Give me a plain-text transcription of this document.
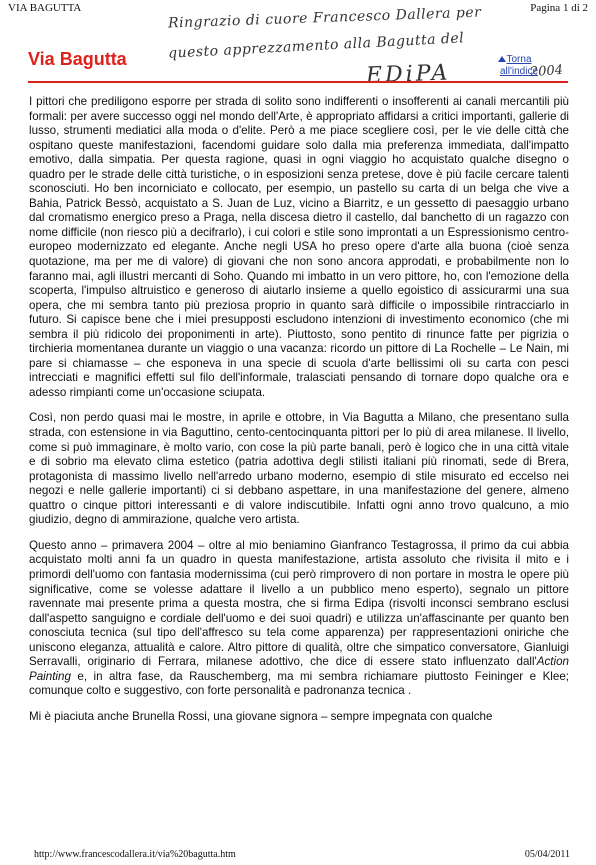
VIA BAGUTTA	Pagina 1 di 2
Ringrazio di cuore Francesco Dallera per
questo apprezzamento alla Bagutta del
EDiPA	2004
Via Bagutta	Torna all'indice

I pittori che prediligono esporre per strada di solito sono indifferenti o insofferenti ai canali mercantili più formali: per avere successo oggi nel mondo dell'Arte, è appropriato affidarsi a critici importanti, gallerie di lusso, strumenti mediatici alla moda o d'elite. Però a me piace scegliere così, per le vie delle città che ospitano queste manifestazioni, facendomi guidare solo dalla mia preferenza immediata, dall'impatto emotivo, dalla simpatia. Per questa ragione, quasi in ogni viaggio ho acquistato qualche disegno o quadro per le strade delle città turistiche, o in esposizioni senza pretese, dove è più facile cercare talenti sconosciuti. Ho ben incorniciato e collocato, per esempio, un pastello su carta di un belga che vive a Bahia, Patrick Bessò, acquistato a S. Juan de Luz, vicino a Biarritz, e un gessetto di paesaggio urbano dal cromatismo energico preso a Praga, nella discesa dietro il castello, dal banchetto di un ragazzo con nome difficile (non riesco più a decifrarlo), i cui colori e stile sono improntati a un Espressionismo centro-europeo modernizzato ed elegante. Anche negli USA ho preso opere d'arte alla buona (cioè senza quotazione, ma per me di valore) di giovani che non sono ancora approdati, e probabilmente non lo faranno mai, agli illustri mercanti di Soho. Quando mi imbatto in un vero pittore, ho, con l'emozione della scoperta, l'impulso altruistico e generoso di aiutarlo insieme a quello egoistico di assicurarmi una sua opera, che mi sembra tanto più preziosa proprio in quanto sarà difficile o impossibile rintracciarlo in futuro. Si capisce bene che i miei presupposti escludono intenzioni di investimento economico (che mi sembra il più ridicolo dei proponimenti in arte). Piuttosto, sono pentito di rinunce fatte per pigrizia o tirchieria momentanea durante un viaggio o una vacanza: ricordo un pittore di La Rochelle – Le Nain, mi pare si chiamasse – che esponeva in una specie di scuola d'arte bellissimi oli su carta con pesci intrecciati e magnifici effetti sul filo dell'informale, tralasciati pensando di tornare dopo qualche ora e adesso rimpianti come un'occasione sciupata.

Così, non perdo quasi mai le mostre, in aprile e ottobre, in Via Bagutta a Milano, che presentano sulla strada, con estensione in via Baguttino, cento-centocinquanta pittori per lo più di area milanese. Il livello, come si può immaginare, è molto vario, con cose la più parte banali, però è logico che in una città vitale e di sobrio ma elevato clima estetico (patria adottiva degli stilisti italiani più rinomati, sede di Brera, protagonista di massimo livello nell'arredo urbano moderno, esempio di stile misurato ed eccelso nei negozi e nelle gallerie importanti) ci si debbano aspettare, in una manifestazione del genere, almeno quattro o cinque pittori interessanti e di valore indiscutibile. Infatti ogni anno trovo qualcuno, a mio giudizio, degno di ammirazione, qualche vero artista.

Questo anno – primavera 2004 – oltre al mio beniamino Gianfranco Testagrossa, il primo da cui abbia acquistato molti anni fa un quadro in questa manifestazione, artista assoluto che rivisita il mito e i primordi dell'uomo con fantasia modernissima (cui però rimprovero di non portare in mostra le opere più significative, come se volesse adattare il livello a un pubblico meno esperto), segnalo un pittore ravennate mai presente prima a questa mostra, che si firma Edipa (risvolti inconsci sembrano esclusi dall'aspetto sanguigno e cordiale dell'uomo e dei suoi quadri) e utilizza un'affascinante per quanto ben conosciuta tecnica (sul tipo dell'affresco su tela come apparenza) per rappresentazioni oniriche che uniscono eleganza, attualità e calore. Altro pittore di qualità, oltre che simpatico conversatore, Gianluigi Serravalli, originario di Ferrara, milanese adottivo, che dice di essere stato influenzato dall'Action Painting e, in altra fase, da Rauschemberg, ma mi sembra richiamare piuttosto Feininger e Klee; comunque colto e suggestivo, con forte personalità e padronanza tecnica .

Mi è piaciuta anche Brunella Rossi, una giovane signora – sempre impegnata con qualche

http://www.francescodallera.it/via%20bagutta.htm	05/04/2011
